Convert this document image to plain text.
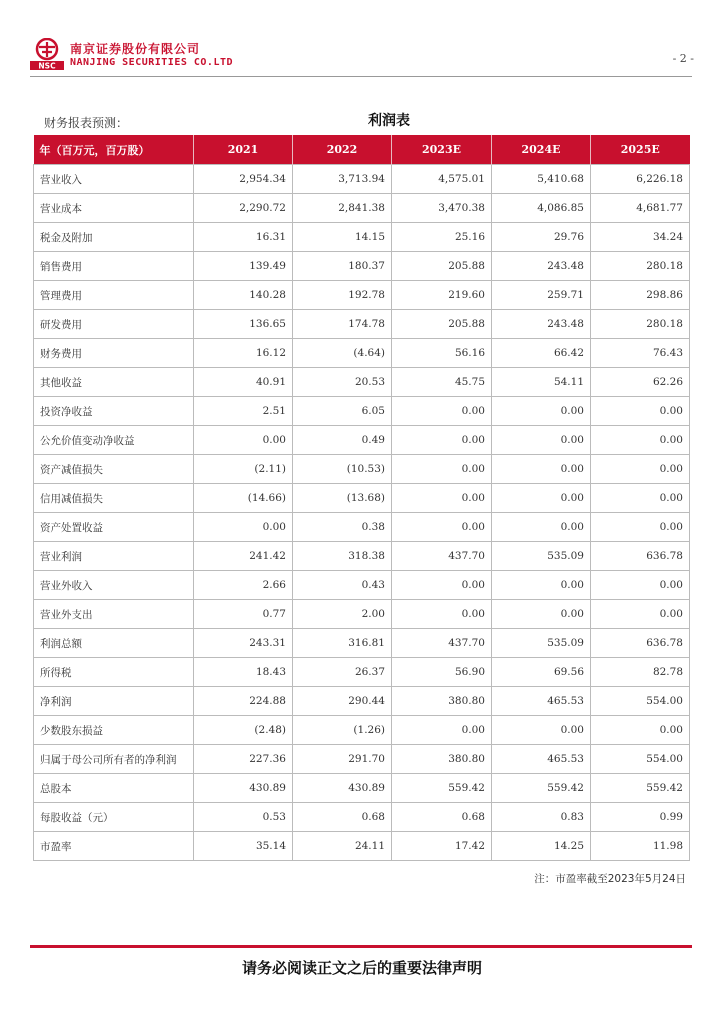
NSC
南京证券股份有限公司
NANJING SECURITIES CO.LTD	- 2 -
财务报表预测：	利润表
年（百万元，百万股）	2021	2022	2023E	2024E	2025E
营业收入	2,954.34	3,713.94	4,575.01	5,410.68	6,226.18
营业成本	2,290.72	2,841.38	3,470.38	4,086.85	4,681.77
税金及附加	16.31	14.15	25.16	29.76	34.24
销售费用	139.49	180.37	205.88	243.48	280.18
管理费用	140.28	192.78	219.60	259.71	298.86
研发费用	136.65	174.78	205.88	243.48	280.18
财务费用	16.12	(4.64)	56.16	66.42	76.43
其他收益	40.91	20.53	45.75	54.11	62.26
投资净收益	2.51	6.05	0.00	0.00	0.00
公允价值变动净收益	0.00	0.49	0.00	0.00	0.00
资产减值损失	(2.11)	(10.53)	0.00	0.00	0.00
信用减值损失	(14.66)	(13.68)	0.00	0.00	0.00
资产处置收益	0.00	0.38	0.00	0.00	0.00
营业利润	241.42	318.38	437.70	535.09	636.78
营业外收入	2.66	0.43	0.00	0.00	0.00
营业外支出	0.77	2.00	0.00	0.00	0.00
利润总额	243.31	316.81	437.70	535.09	636.78
所得税	18.43	26.37	56.90	69.56	82.78
净利润	224.88	290.44	380.80	465.53	554.00
少数股东损益	(2.48)	(1.26)	0.00	0.00	0.00
归属于母公司所有者的净利润	227.36	291.70	380.80	465.53	554.00
总股本	430.89	430.89	559.42	559.42	559.42
每股收益（元）	0.53	0.68	0.68	0.83	0.99
市盈率	35.14	24.11	17.42	14.25	11.98
注：市盈率截至2023年5月24日
请务必阅读正文之后的重要法律声明
